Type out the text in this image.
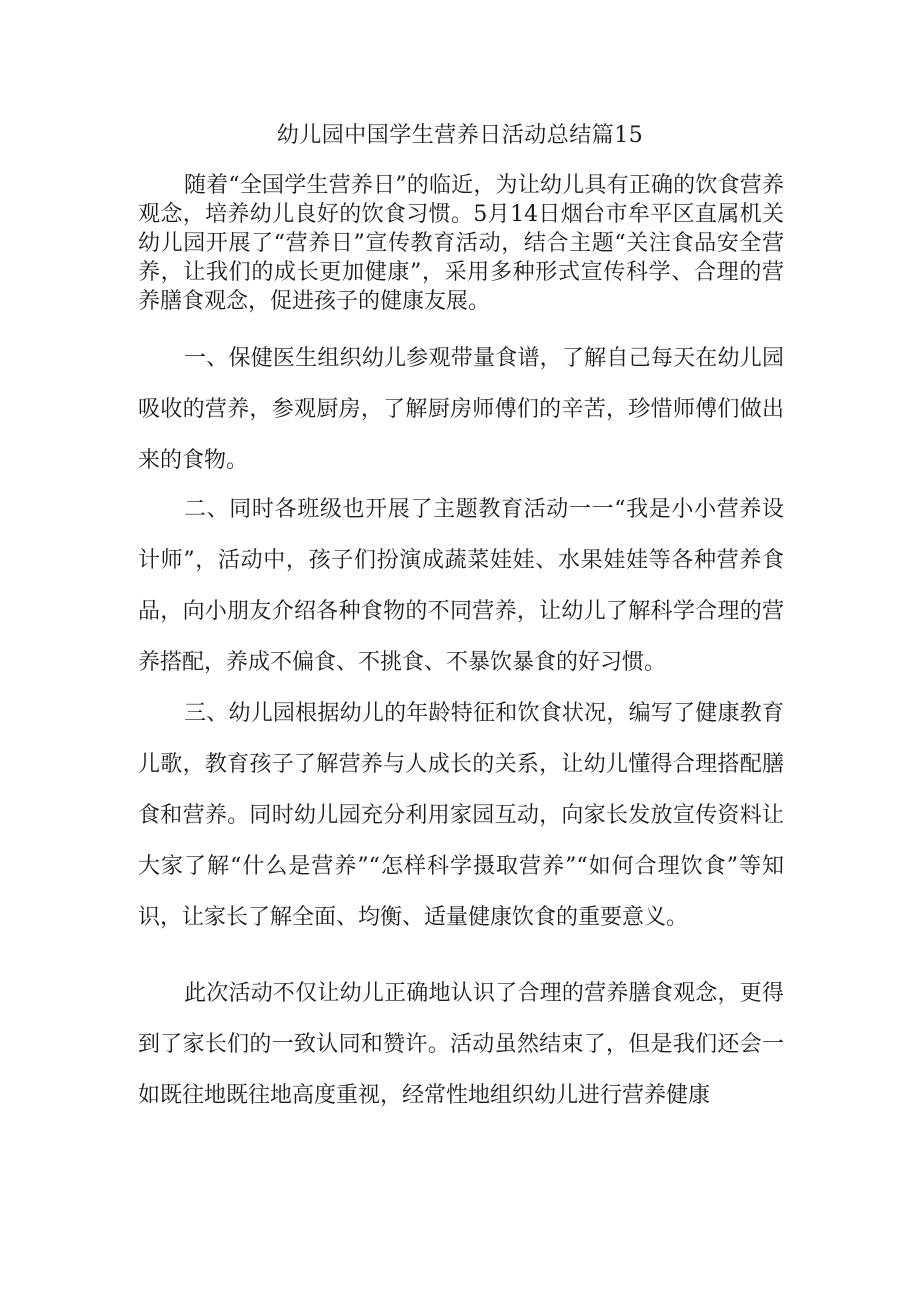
幼儿园中国学生营养日活动总结篇15

随着“全国学生营养日”的临近，为让幼儿具有正确的饮食营养观念，培养幼儿良好的饮食习惯。5月14日烟台市牟平区直属机关幼儿园开展了“营养日”宣传教育活动，结合主题“关注食品安全营养，让我们的成长更加健康”，采用多种形式宣传科学、合理的营养膳食观念，促进孩子的健康友展。

一、保健医生组织幼儿参观带量食谱，了解自己每天在幼儿园吸收的营养，参观厨房，了解厨房师傅们的辛苦，珍惜师傅们做出来的食物。

二、同时各班级也开展了主题教育活动一一“我是小小营养设计师”，活动中，孩子们扮演成蔬菜娃娃、水果娃娃等各种营养食品，向小朋友介绍各种食物的不同营养，让幼儿了解科学合理的营养搭配，养成不偏食、不挑食、不暴饮暴食的好习惯。

三、幼儿园根据幼儿的年龄特征和饮食状况，编写了健康教育儿歌，教育孩子了解营养与人成长的关系，让幼儿懂得合理搭配膳食和营养。同时幼儿园充分利用家园互动，向家长发放宣传资料让大家了解“什么是营养”“怎样科学摄取营养”“如何合理饮食”等知识，让家长了解全面、均衡、适量健康饮食的重要意义。

此次活动不仅让幼儿正确地认识了合理的营养膳食观念，更得到了家长们的一致认同和赞许。活动虽然结束了，但是我们还会一如既往地既往地高度重视，经常性地组织幼儿进行营养健康
